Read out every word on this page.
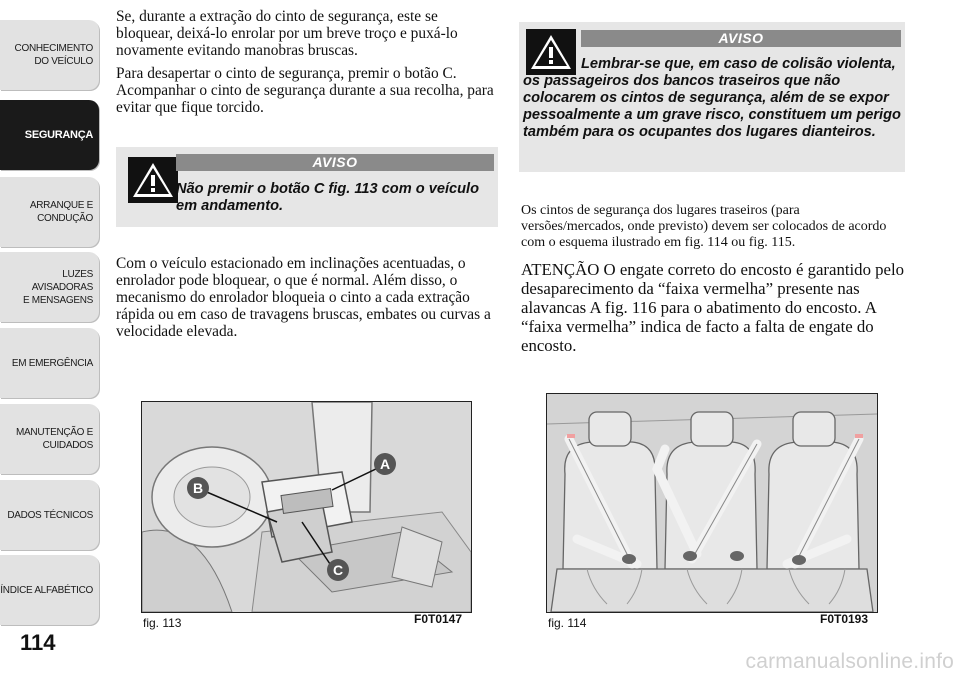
CONHECIMENTO
DO VEÍCULO
SEGURANÇA
ARRANQUE E
CONDUÇÃO
LUZES AVISADORAS
E MENSAGENS
EM EMERGÊNCIA
MANUTENÇÃO E
CUIDADOS
DADOS TÉCNICOS
ÍNDICE ALFABÉTICO
114

Se, durante a extração do cinto de segurança, este se bloquear, deixá-lo enrolar por um breve troço e puxá-lo novamente evitando manobras bruscas.

Para desapertar o cinto de segurança, premir o botão C. Acompanhar o cinto de segurança durante a sua recolha, para evitar que fique torcido.

AVISO

Não premir o botão C fig. 113 com o veículo em andamento.

Com o veículo estacionado em inclinações acentuadas, o enrolador pode bloquear, o que é normal. Além disso, o mecanismo do enrolador bloqueia o cinto a cada extração rápida ou em caso de travagens bruscas, embates ou curvas a velocidade elevada.

AVISO

Lembrar-se que, em caso de colisão violenta, os passageiros dos bancos traseiros que não colocarem os cintos de segurança, além de se expor pessoalmente a um grave risco, constituem um perigo também para os ocupantes dos lugares dianteiros.

Os cintos de segurança dos lugares traseiros (para versões/mercados, onde previsto) devem ser colocados de acordo com o esquema ilustrado em fig. 114 ou fig. 115.

ATENÇÃO O engate correto do encosto é garantido pelo desaparecimento da “faixa vermelha” presente nas alavancas A fig. 116 para o abatimento do encosto. A “faixa vermelha” indica de facto a falta de engate do encosto.

B
A
C
fig. 113	F0T0147	fig. 114	F0T0193
carmanualsonline.info
